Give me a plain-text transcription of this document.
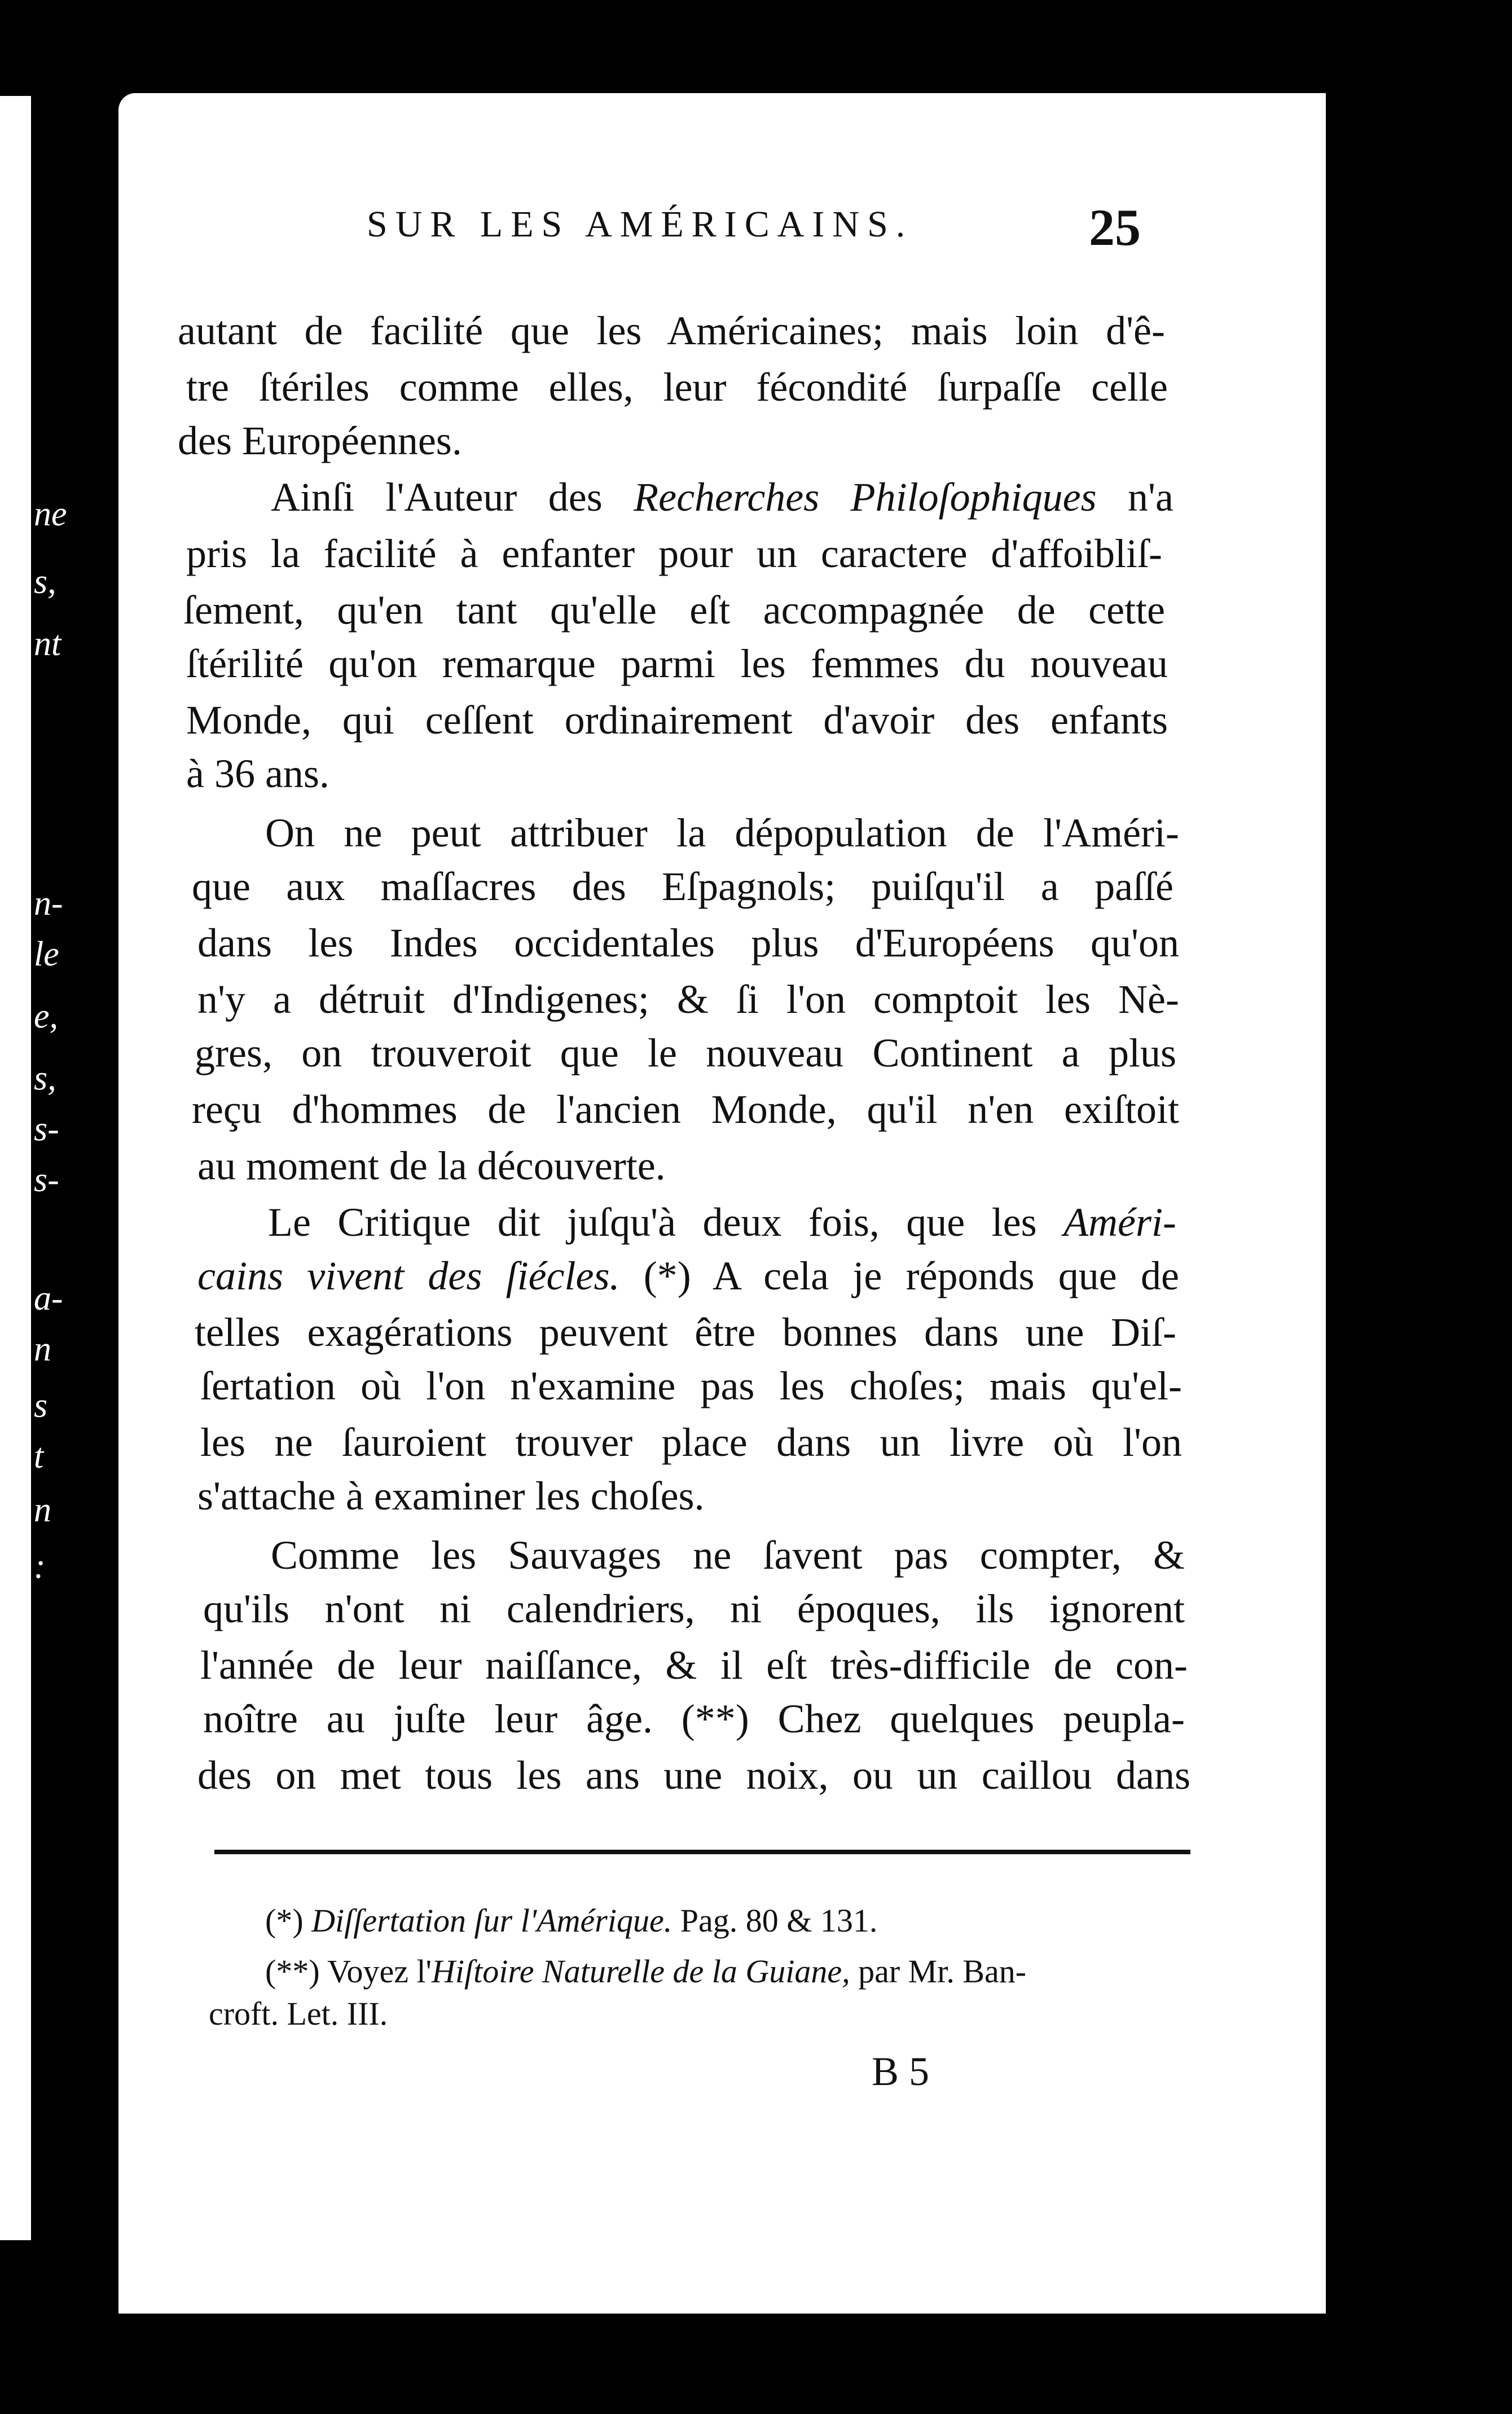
ne
s,
nt
n-
le
e,
s,
s-
s-
a-
n
s
t
n
:
SUR LES AMÉRICAINS.	25
autant de facilité que les Américaines; mais loin d'ê-
tre ſtériles comme elles, leur fécondité ſurpaſſe celle
des Européennes.
Ainſi l'Auteur des Recherches Philoſophiques n'a
pris la facilité à enfanter pour un caractere d'affoibliſ-
ſement, qu'en tant qu'elle eſt accompagnée de cette
ſtérilité qu'on remarque parmi les femmes du nouveau
Monde, qui ceſſent ordinairement d'avoir des enfants
à 36 ans.
On ne peut attribuer la dépopulation de l'Améri-
que aux maſſacres des Eſpagnols; puiſqu'il a paſſé
dans les Indes occidentales plus d'Européens qu'on
n'y a détruit d'Indigenes; & ſi l'on comptoit les Nè-
gres, on trouveroit que le nouveau Continent a plus
reçu d'hommes de l'ancien Monde, qu'il n'en exiſtoit
au moment de la découverte.
Le Critique dit juſqu'à deux fois, que les Améri-
cains vivent des ſiécles. (*) A cela je réponds que de
telles exagérations peuvent être bonnes dans une Diſ-
ſertation où l'on n'examine pas les choſes; mais qu'el-
les ne ſauroient trouver place dans un livre où l'on
s'attache à examiner les choſes.
Comme les Sauvages ne ſavent pas compter, &
qu'ils n'ont ni calendriers, ni époques, ils ignorent
l'année de leur naiſſance, & il eſt très-difficile de con-
noître au juſte leur âge. (**) Chez quelques peupla-
des on met tous les ans une noix, ou un caillou dans
(*) Diſſertation ſur l'Amérique. Pag. 80 & 131.
(**) Voyez l'Hiſtoire Naturelle de la Guiane, par Mr. Ban-
croft. Let. III.
B 5
